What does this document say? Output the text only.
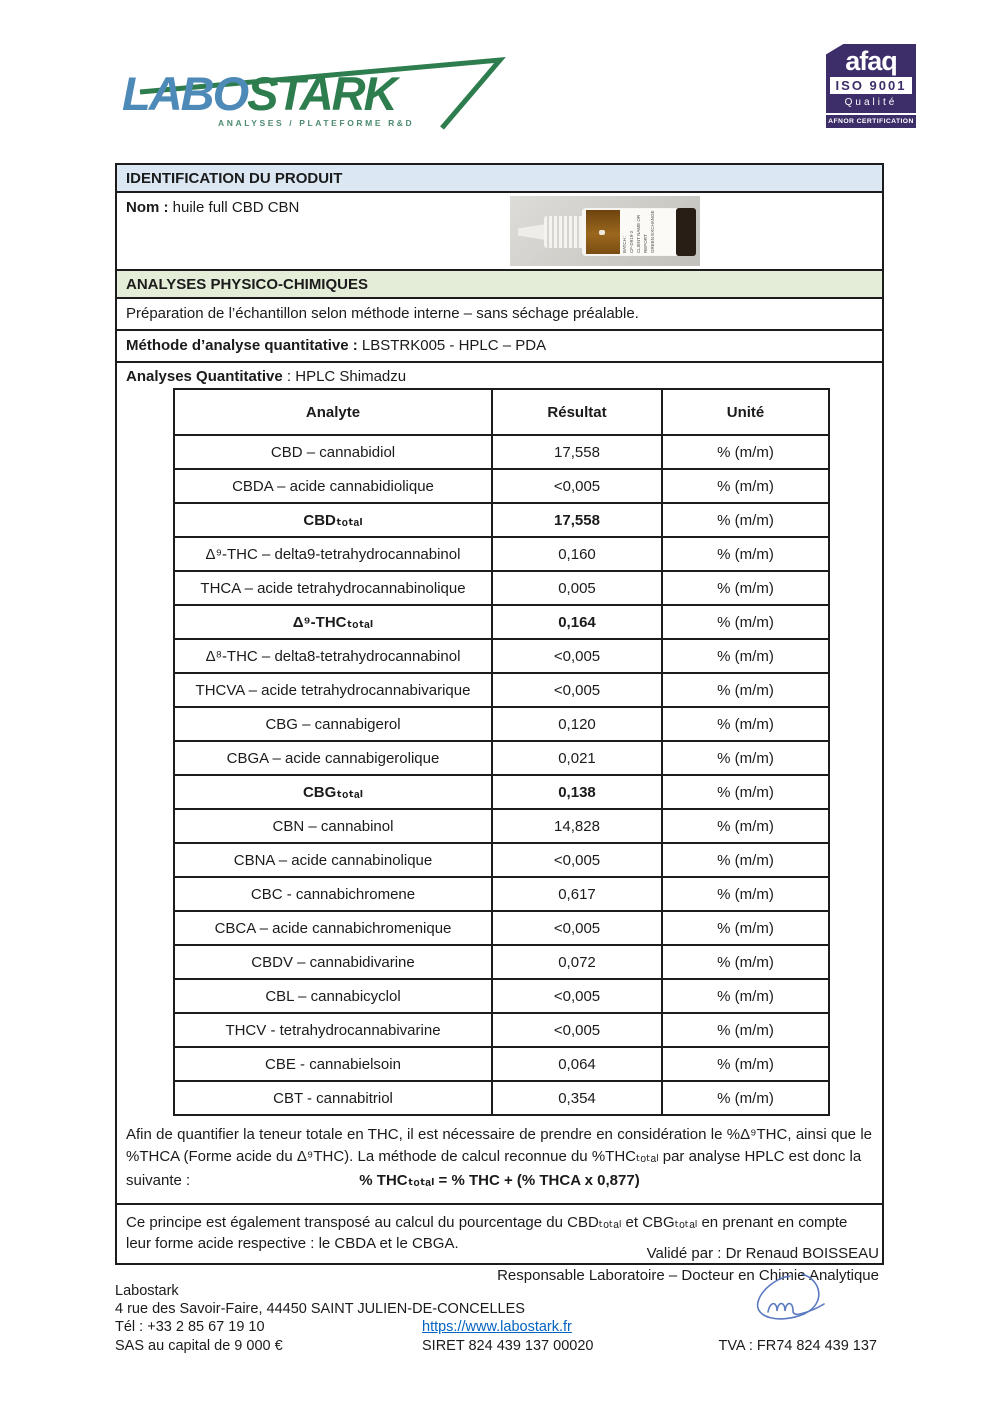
LABOSTARK
ANALYSES / PLATEFORME R&D
afaq
ISO 9001
Qualité
AFNOR CERTIFICATION
IDENTIFICATION DU PRODUIT
Nom : huile full CBD CBN
BATCH : CF-D919-2 CLIENT NAME OR REPORT GREEN EXCHANGE
ANALYSES PHYSICO-CHIMIQUES
Préparation de l’échantillon selon méthode interne – sans séchage préalable.
Méthode d’analyse quantitative : LBSTRK005 - HPLC – PDA
Analyses Quantitative : HPLC Shimadzu
Analyte	Résultat	Unité
CBD – cannabidiol	17,558	% (m/m)
CBDA – acide cannabidiolique	<0,005	% (m/m)
CBDₜₒₜₐₗ	17,558	% (m/m)
Δ⁹-THC – delta9-tetrahydrocannabinol	0,160	% (m/m)
THCA – acide tetrahydrocannabinolique	0,005	% (m/m)
Δ⁹-THCₜₒₜₐₗ	0,164	% (m/m)
Δ⁸-THC – delta8-tetrahydrocannabinol	<0,005	% (m/m)
THCVA – acide tetrahydrocannabivarique	<0,005	% (m/m)
CBG – cannabigerol	0,120	% (m/m)
CBGA – acide cannabigerolique	0,021	% (m/m)
CBGₜₒₜₐₗ	0,138	% (m/m)
CBN – cannabinol	14,828	% (m/m)
CBNA – acide cannabinolique	<0,005	% (m/m)
CBC - cannabichromene	0,617	% (m/m)
CBCA – acide cannabichromenique	<0,005	% (m/m)
CBDV – cannabidivarine	0,072	% (m/m)
CBL – cannabicyclol	<0,005	% (m/m)
THCV - tetrahydrocannabivarine	<0,005	% (m/m)
CBE - cannabielsoin	0,064	% (m/m)
CBT - cannabitriol	0,354	% (m/m)
Afin de quantifier la teneur totale en THC, il est nécessaire de prendre en considération le %Δ⁹THC, ainsi que le %THCA (Forme acide du Δ⁹THC). La méthode de calcul reconnue du %THCₜₒₜₐₗ par analyse HPLC est donc la
suivante :	% THCₜₒₜₐₗ = % THC + (% THCA x 0,877)
Ce principe est également transposé au calcul du pourcentage du CBDₜₒₜₐₗ et CBGₜₒₜₐₗ en prenant en compte leur forme acide respective : le CBDA et le CBGA.
Validé par : Dr Renaud BOISSEAU
Responsable Laboratoire – Docteur en Chimie Analytique
Labostark
4 rue des Savoir-Faire, 44450 SAINT JULIEN-DE-CONCELLES
Tél : +33 2 85 67 19 10	https://www.labostark.fr
SAS au capital de 9 000 €	SIRET 824 439 137 00020	TVA : FR74 824 439 137
